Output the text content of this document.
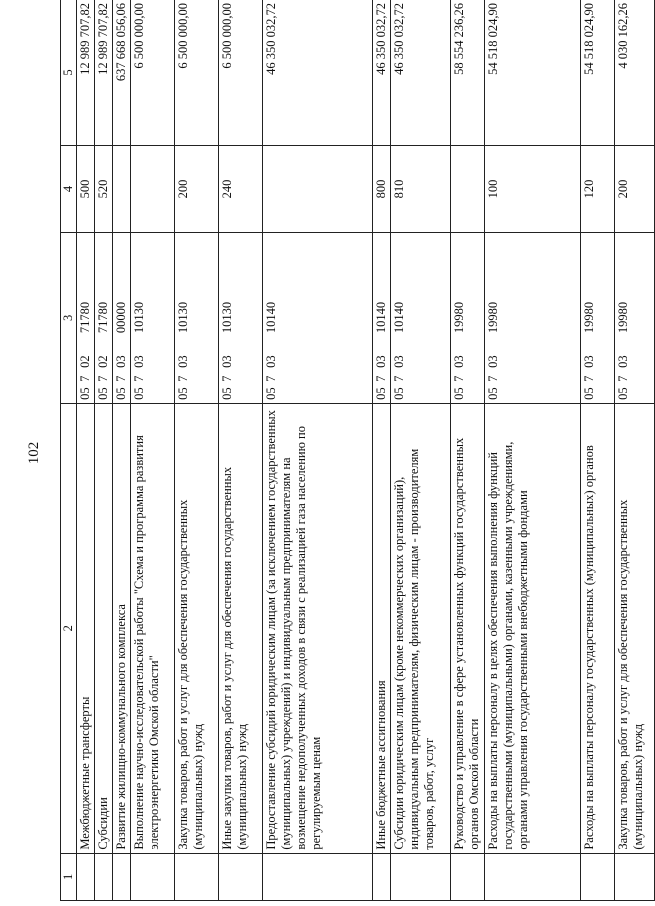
102
1	2	3	4	5
	Межбюджетные трансферты	0570271780	500	12 989 707,82
	Субсидии	0570271780	520	12 989 707,82
	Развитие жилищно-коммунального комплекса	0570300000		637 668 056,06
	Выполнение научно-исследовательской работы "Схема и программа развития электроэнергетики Омской области"	0570310130		6 500 000,00
	Закупка товаров, работ и услуг для обеспечения государственных (муниципальных) нужд	0570310130	200	6 500 000,00
	Иные закупки товаров, работ и услуг для обеспечения государственных (муниципальных) нужд	0570310130	240	6 500 000,00
	Предоставление субсидий юридическим лицам (за исключением государственных (муниципальных) учреждений) и индивидуальным предпринимателям на возмещение недополученных доходов в связи с реализацией газа населению по регулируемым ценам	0570310140		46 350 032,72
	Иные бюджетные ассигнования	0570310140	800	46 350 032,72
	Субсидии юридическим лицам (кроме некоммерческих организаций), индивидуальным предпринимателям, физическим лицам - производителям товаров, работ, услуг	0570310140	810	46 350 032,72
	Руководство и управление в сфере установленных функций государственных органов Омской области	0570319980		58 554 236,26
	Расходы на выплаты персоналу в целях обеспечения выполнения функций государственными (муниципальными) органами, казенными учреждениями, органами управления государственными внебюджетными фондами	0570319980	100	54 518 024,90
	Расходы на выплаты персоналу государственных (муниципальных) органов	0570319980	120	54 518 024,90
	Закупка товаров, работ и услуг для обеспечения государственных (муниципальных) нужд	0570319980	200	4 030 162,26
